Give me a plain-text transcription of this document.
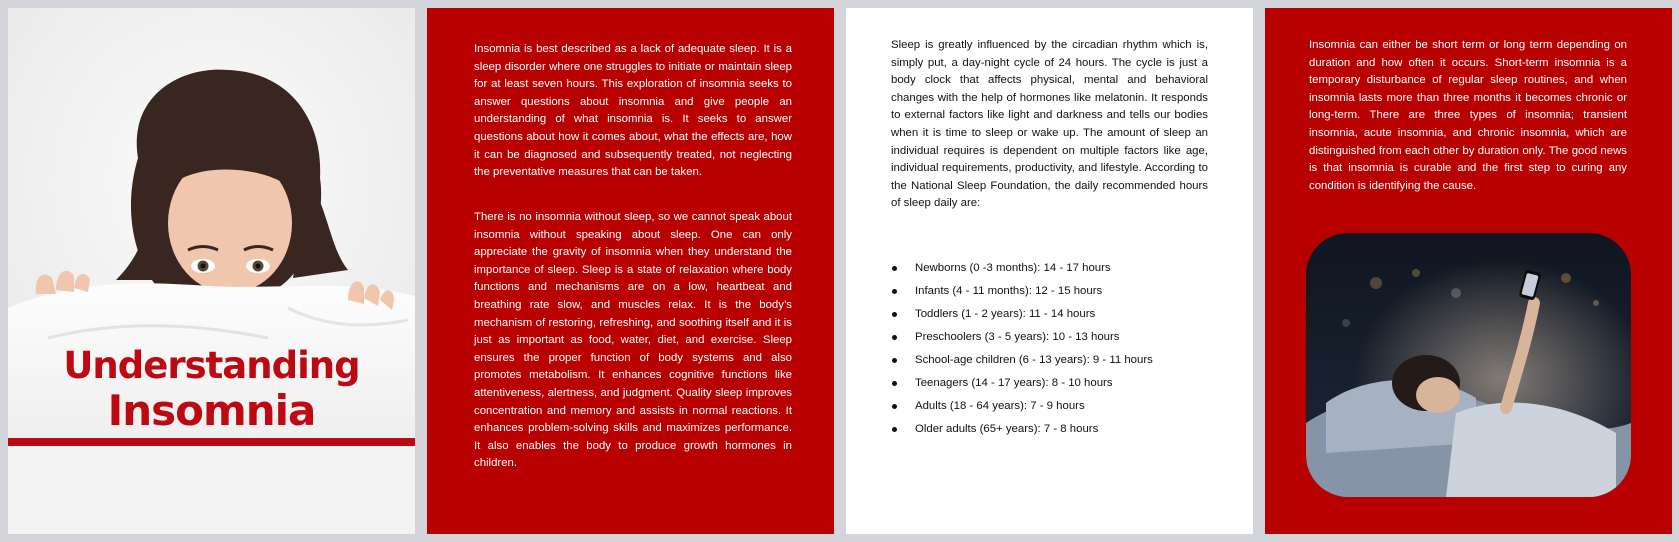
Understanding
Insomnia

Insomnia is best described as a lack of adequate sleep. It is a sleep disorder where one struggles to initiate or maintain sleep for at least seven hours. This exploration of insomnia seeks to answer questions about insomnia and give people an understanding of what insomnia is. It seeks to answer questions about how it comes about, what the effects are, how it can be diagnosed and subsequently treated, not neglecting the preventative measures that can be taken.

There is no insomnia without sleep, so we cannot speak about insomnia without speaking about sleep. One can only appreciate the gravity of insomnia when they understand the importance of sleep. Sleep is a state of relaxation where body functions and mechanisms are on a low, heartbeat and breathing rate slow, and muscles relax. It is the body’s mechanism of restoring, refreshing, and soothing itself and it is just as important as food, water, diet, and exercise. Sleep ensures the proper function of body systems and also promotes metabolism. It enhances cognitive functions like attentiveness, alertness, and judgment. Quality sleep improves concentration and memory and assists in normal reactions. It enhances problem-solving skills and maximizes performance. It also enables the body to produce growth hormones in children.

Sleep is greatly influenced by the circadian rhythm which is, simply put, a day-night cycle of 24 hours. The cycle is just a body clock that affects physical, mental and behavioral changes with the help of hormones like melatonin. It responds to external factors like light and darkness and tells our bodies when it is time to sleep or wake up. The amount of sleep an individual requires is dependent on multiple factors like age, individual requirements, productivity, and lifestyle. According to the National Sleep Foundation, the daily recommended hours of sleep daily are:

Newborns (0 -3 months): 14 - 17 hours
Infants (4 - 11 months): 12 - 15 hours
Toddlers (1 - 2 years): 11 - 14 hours
Preschoolers (3 - 5 years): 10 - 13 hours
School-age children (6 - 13 years): 9 - 11 hours
Teenagers (14 - 17 years): 8 - 10 hours
Adults (18 - 64 years): 7 - 9 hours
Older adults (65+ years): 7 - 8 hours

Insomnia can either be short term or long term depending on duration and how often it occurs. Short-term insomnia is a temporary disturbance of regular sleep routines, and when insomnia lasts more than three months it becomes chronic or long-term. There are three types of insomnia; transient insomnia, acute insomnia, and chronic insomnia, which are distinguished from each other by duration only. The good news is that insomnia is curable and the first step to curing any condition is identifying the cause.
